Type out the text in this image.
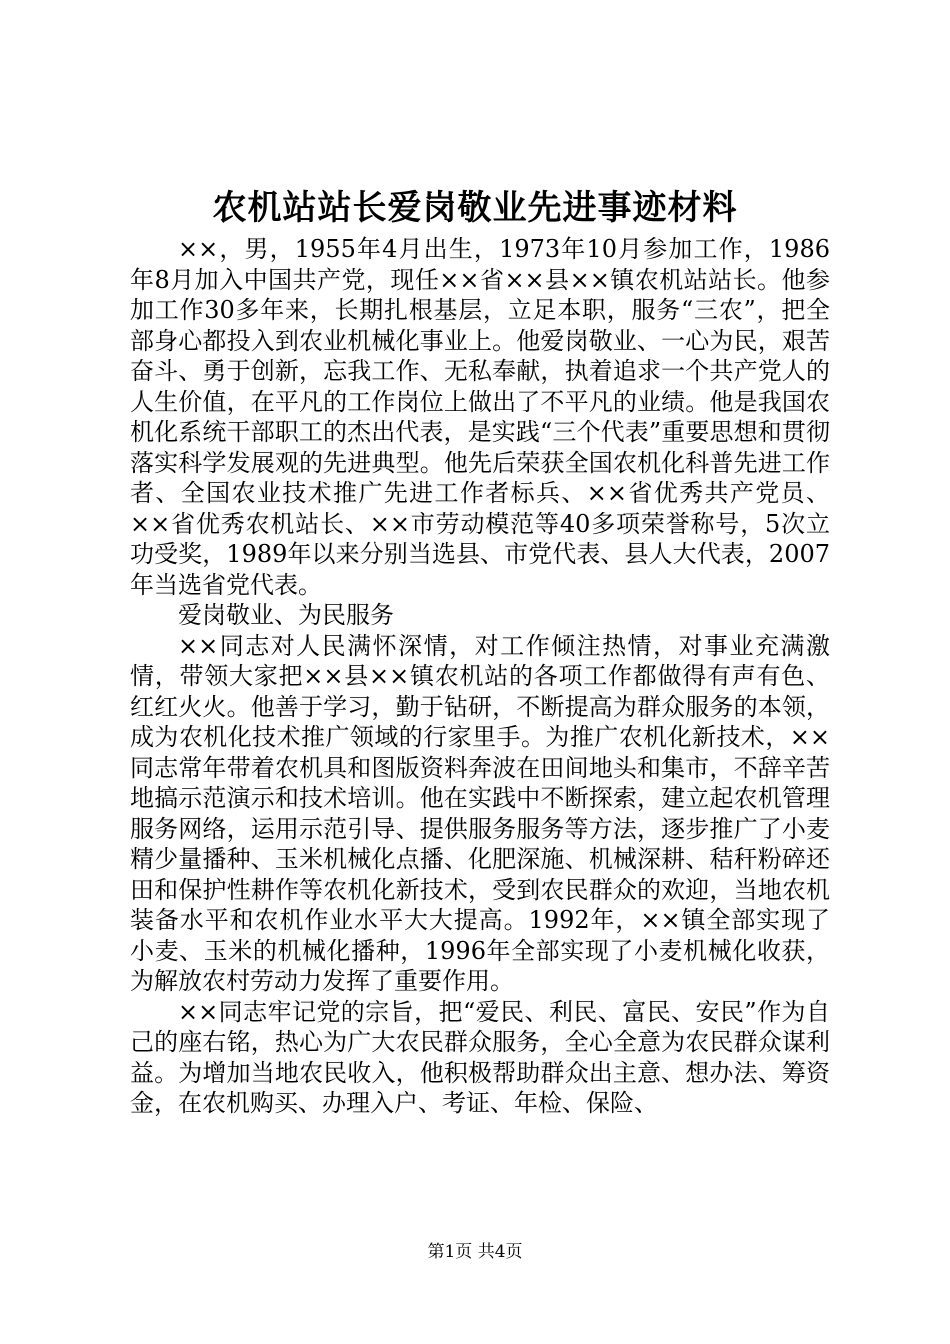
农机站站长爱岗敬业先进事迹材料

××，男，1955年4月出生，1973年10月参加工作，1986年8月加入中国共产党，现任××省××县××镇农机站站长。他参加工作30多年来，长期扎根基层，立足本职，服务“三农”，把全部身心都投入到农业机械化事业上。他爱岗敬业、一心为民，艰苦奋斗、勇于创新，忘我工作、无私奉献，执着追求一个共产党人的人生价值，在平凡的工作岗位上做出了不平凡的业绩。他是我国农机化系统干部职工的杰出代表，是实践“三个代表”重要思想和贯彻落实科学发展观的先进典型。他先后荣获全国农机化科普先进工作者、全国农业技术推广先进工作者标兵、××省优秀共产党员、××省优秀农机站长、××市劳动模范等40多项荣誉称号，5次立功受奖，1989年以来分别当选县、市党代表、县人大代表，2007年当选省党代表。

爱岗敬业、为民服务

××同志对人民满怀深情，对工作倾注热情，对事业充满激情，带领大家把××县××镇农机站的各项工作都做得有声有色、红红火火。他善于学习，勤于钻研，不断提高为群众服务的本领，成为农机化技术推广领域的行家里手。为推广农机化新技术，××同志常年带着农机具和图版资料奔波在田间地头和集市，不辞辛苦地搞示范演示和技术培训。他在实践中不断探索，建立起农机管理服务网络，运用示范引导、提供服务服务等方法，逐步推广了小麦精少量播种、玉米机械化点播、化肥深施、机械深耕、秸秆粉碎还田和保护性耕作等农机化新技术，受到农民群众的欢迎，当地农机装备水平和农机作业水平大大提高。1992年，××镇全部实现了小麦、玉米的机械化播种，1996年全部实现了小麦机械化收获，为解放农村劳动力发挥了重要作用。

××同志牢记党的宗旨，把“爱民、利民、富民、安民”作为自己的座右铭，热心为广大农民群众服务，全心全意为农民群众谋利益。为增加当地农民收入，他积极帮助群众出主意、想办法、筹资金，在农机购买、办理入户、考证、年检、保险、

第1页 共4页
